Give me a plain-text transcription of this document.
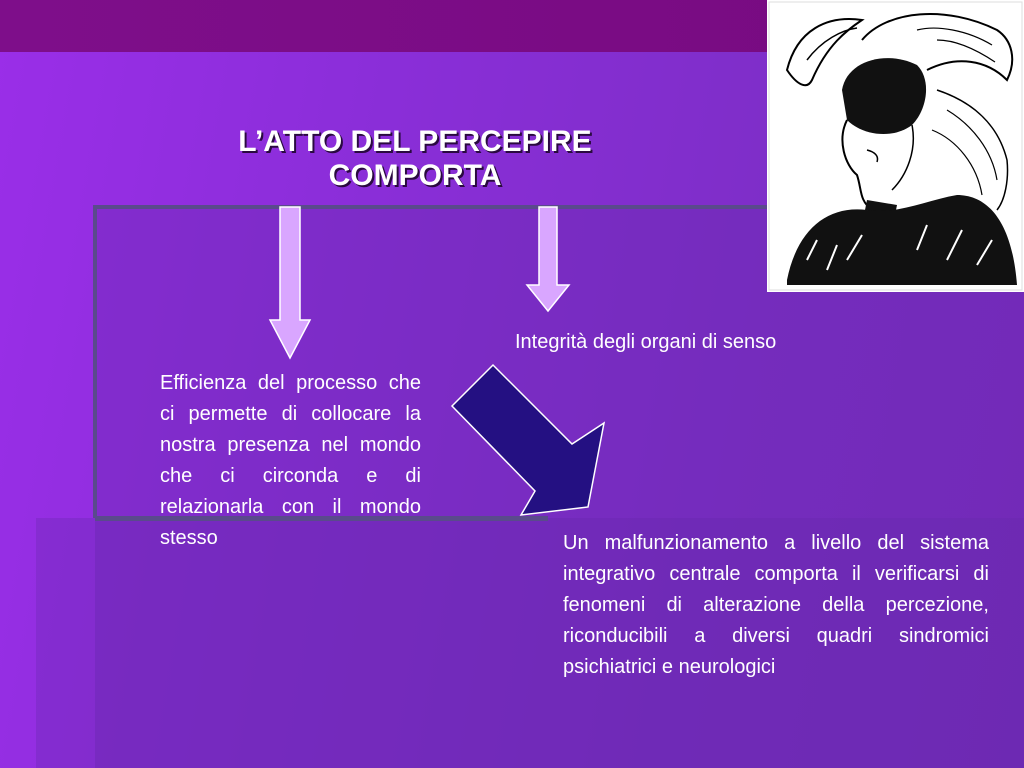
L’ATTO DEL PERCEPIRE
COMPORTA
Efficienza del processo che ci permette di collocare la nostra presenza nel mondo che ci circonda e di relazionarla con il mondo stesso
Integrità degli organi di senso
Un malfunzionamento a livello del sistema integrativo centrale comporta il verificarsi di fenomeni di alterazione della percezione, riconducibili a diversi quadri sindromici psichiatrici e neurologici
